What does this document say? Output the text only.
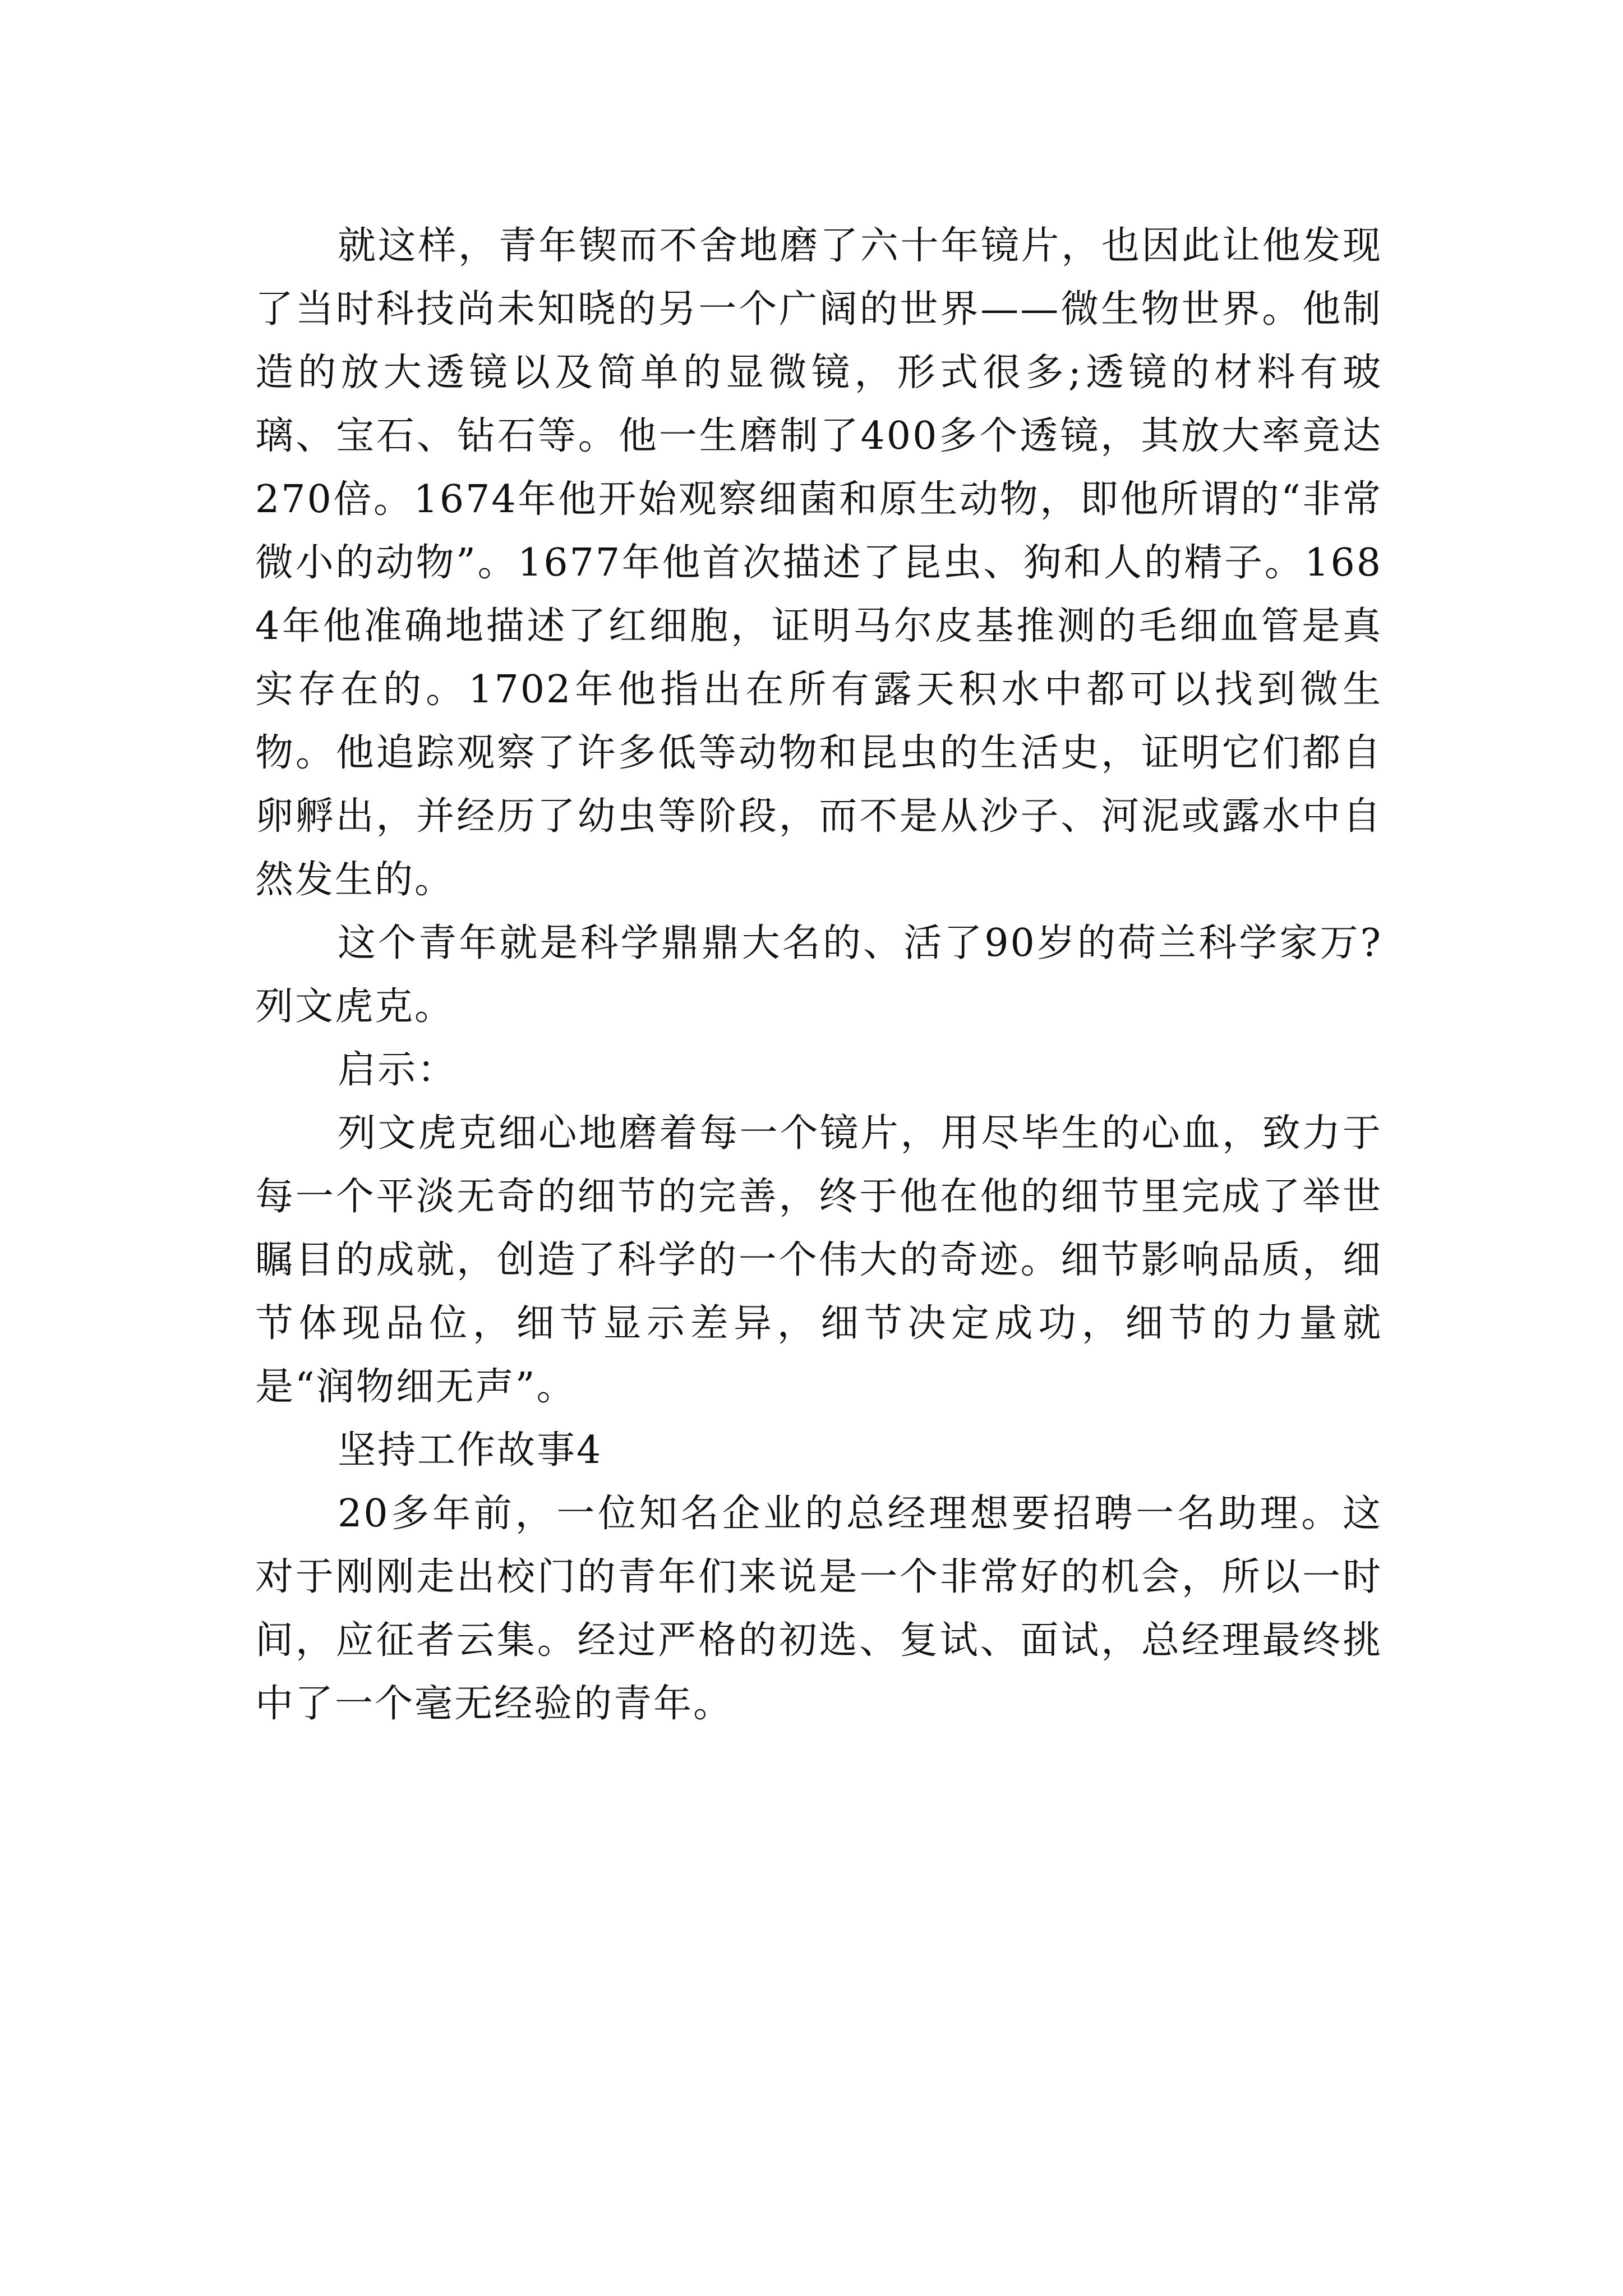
就这样，青年锲而不舍地磨了六十年镜片，也因此让他发现了当时科技尚未知晓的另一个广阔的世界——微生物世界。他制造的放大透镜以及简单的显微镜，形式很多;透镜的材料有玻璃、宝石、钻石等。他一生磨制了400多个透镜，其放大率竟达270倍。1674年他开始观察细菌和原生动物，即他所谓的“非常微小的动物”。1677年他首次描述了昆虫、狗和人的精子。1684年他准确地描述了红细胞，证明马尔皮基推测的毛细血管是真实存在的。1702年他指出在所有露天积水中都可以找到微生物。他追踪观察了许多低等动物和昆虫的生活史，证明它们都自卵孵出，并经历了幼虫等阶段，而不是从沙子、河泥或露水中自然发生的。

这个青年就是科学鼎鼎大名的、活了90岁的荷兰科学家万?列文虎克。

启示：

列文虎克细心地磨着每一个镜片，用尽毕生的心血，致力于每一个平淡无奇的细节的完善，终于他在他的细节里完成了举世瞩目的成就，创造了科学的一个伟大的奇迹。细节影响品质，细节体现品位，细节显示差异，细节决定成功，细节的力量就是“润物细无声”。

坚持工作故事4

20多年前，一位知名企业的总经理想要招聘一名助理。这对于刚刚走出校门的青年们来说是一个非常好的机会，所以一时间，应征者云集。经过严格的初选、复试、面试，总经理最终挑中了一个毫无经验的青年。
